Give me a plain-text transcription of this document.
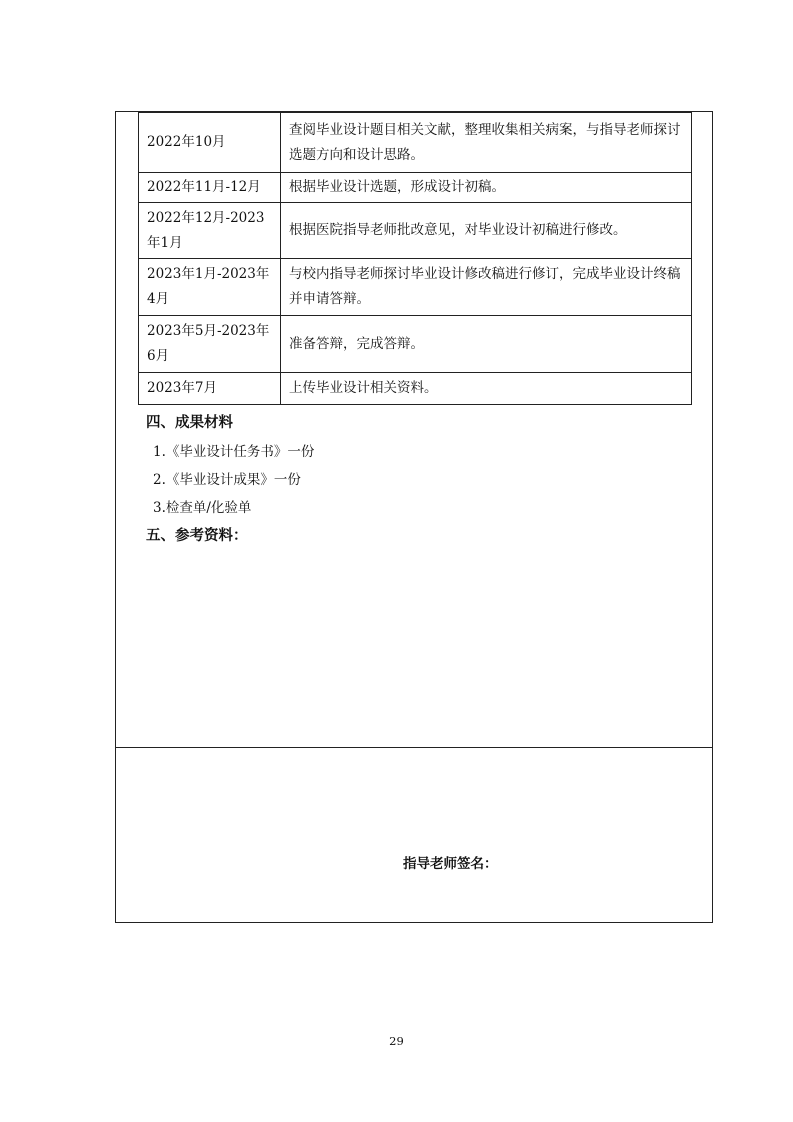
2022年10月	查阅毕业设计题目相关文献，整理收集相关病案，与指导老师探讨选题方向和设计思路。
2022年11月-12月	根据毕业设计选题，形成设计初稿。
2022年12月-2023年1月	根据医院指导老师批改意见，对毕业设计初稿进行修改。
2023年1月-2023年4月	与校内指导老师探讨毕业设计修改稿进行修订，完成毕业设计终稿并申请答辩。
2023年5月-2023年6月	准备答辩，完成答辩。
2023年7月	上传毕业设计相关资料。
四、成果材料
1.《毕业设计任务书》一份
2.《毕业设计成果》一份
3.检查单/化验单
五、参考资料：
指导老师签名：
29
